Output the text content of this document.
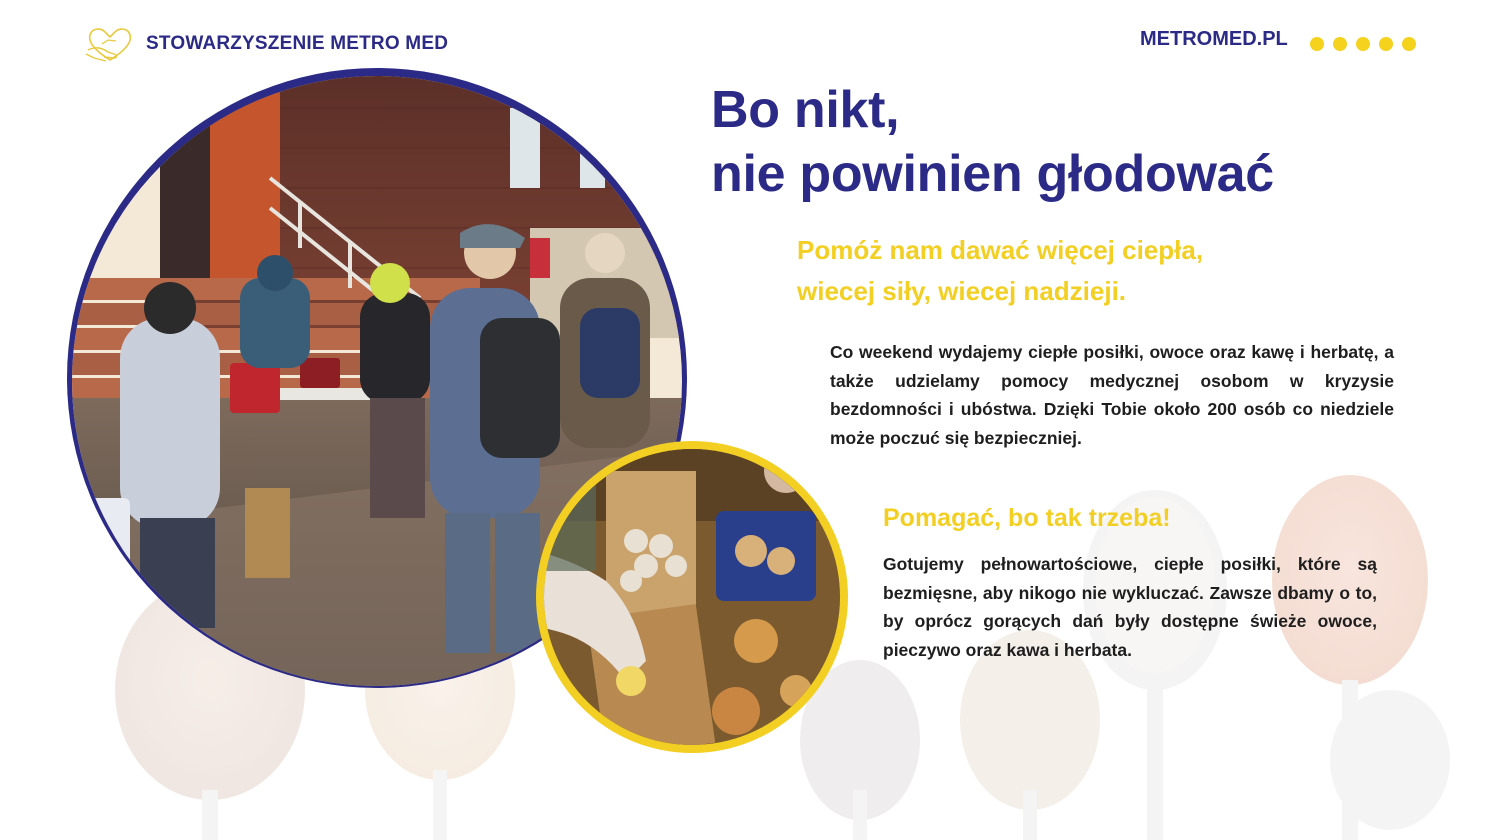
STOWARZYSZENIE METRO MED	METROMED.PL
Bo nikt,
nie powinien głodować
Pomóż nam dawać więcej ciepła,
wiecej siły, wiecej nadzieji.

Co weekend wydajemy ciepłe posiłki, owoce oraz kawę i herbatę, a także udzielamy pomocy medycznej osobom w kryzysie bezdomności i ubóstwa. Dzięki Tobie około 200 osób co niedziele może poczuć się bezpieczniej.

Pomagać, bo tak trzeba!

Gotujemy pełnowartościowe, ciepłe posiłki, które są bezmięsne, aby nikogo nie wykluczać. Zawsze dbamy o to, by oprócz gorących dań były dostępne świeże owoce, pieczywo oraz kawa i herbata.
